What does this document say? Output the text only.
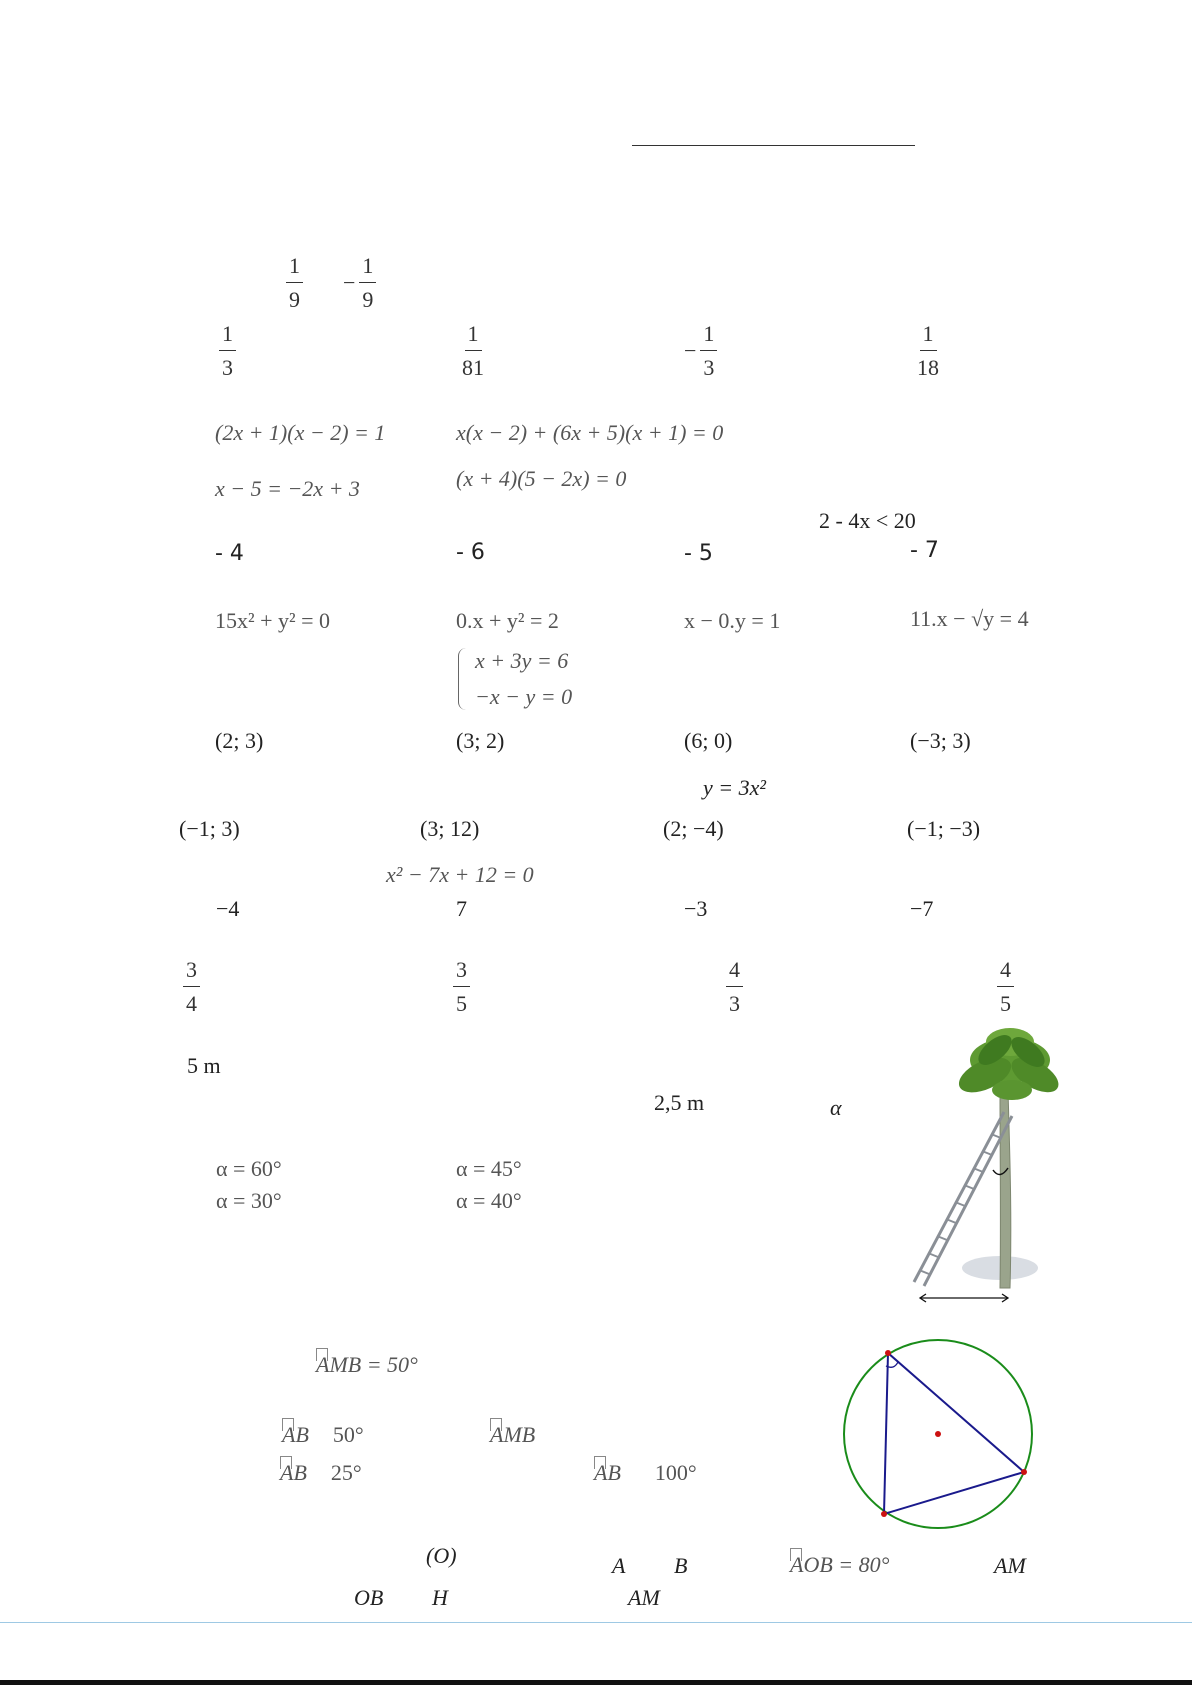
$\frac{1}{9} - \frac{1}{9}$
$\frac{1}{3}$	$\frac{1}{81}$	− $\frac{1}{3}$	$\frac{1}{18}$
(2x + 1)(x − 2) = 1	x(x − 2) + (6x + 5)(x + 1) = 0
x − 5 = −2x + 3	(x + 4)(5 − 2x) = 0
2 - 4x < 20
- 4	- 6	- 5	- 7
15x² + y² = 0	0.x + y² = 2	x − 0.y = 1	11.x − √y = 4
x + 3y = 6
−x − y = 0
(2; 3)	(3; 2)	(6; 0)	(−3; 3)
y = 3x²
(−1; 3)	(3; 12)	(2; −4)	(−1; −3)
x² − 7x + 12 = 0
−4	7	−3	−7
$\frac{3}{4}$	$\frac{3}{5}$	$\frac{4}{3}$	$\frac{4}{5}$
5 m
2,5 m	α
α = 60°	α = 45°
α = 30°	α = 40°
AMB = 50°
AB 50°	AMB
AB 25°	AB 100°
(O)	A B	AOB = 80°	AM
OB H	AM
